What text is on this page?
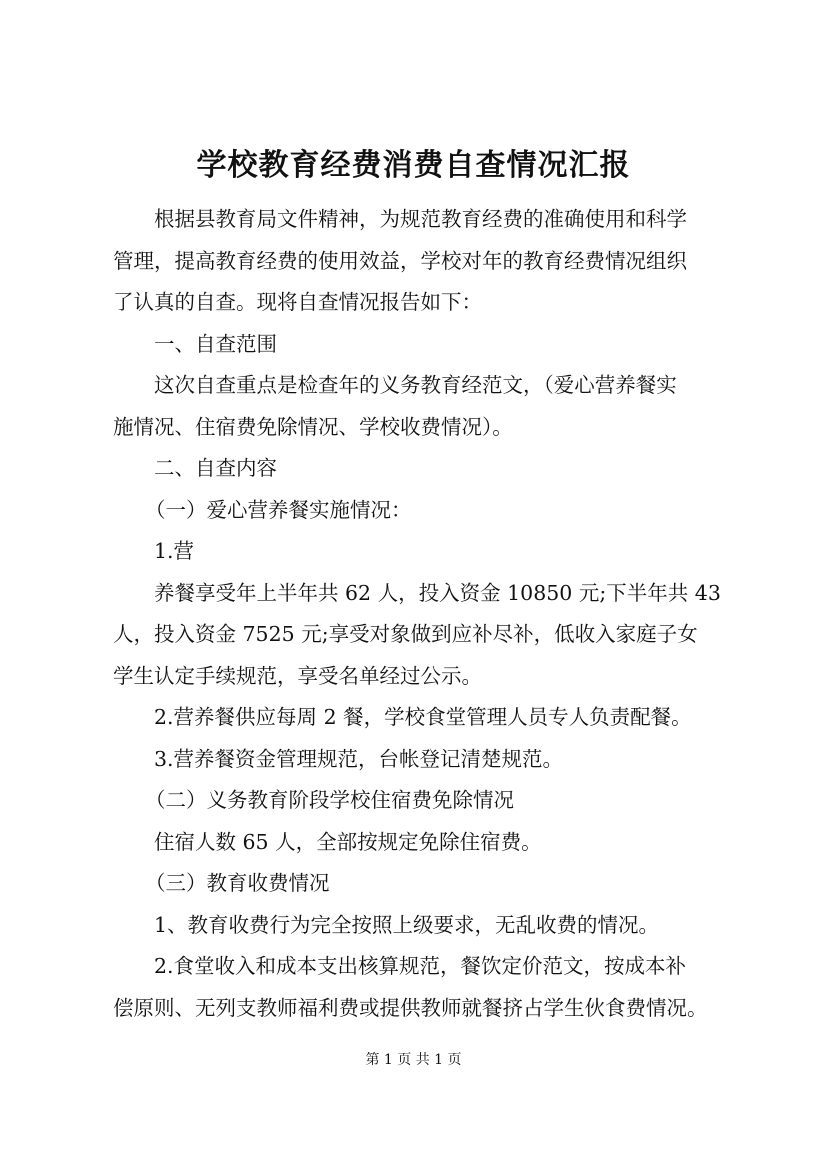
学校教育经费消费自查情况汇报
根据县教育局文件精神，为规范教育经费的准确使用和科学
管理，提高教育经费的使用效益，学校对年的教育经费情况组织
了认真的自查。现将自查情况报告如下：
一、自查范围
这次自查重点是检查年的义务教育经范文，（爱心营养餐实
施情况、住宿费免除情况、学校收费情况）。
二、自查内容
（一）爱心营养餐实施情况：
1.营
养餐享受年上半年共 62 人，投入资金 10850 元;下半年共 43
人，投入资金 7525 元;享受对象做到应补尽补，低收入家庭子女
学生认定手续规范，享受名单经过公示。
2.营养餐供应每周 2 餐，学校食堂管理人员专人负责配餐。
3.营养餐资金管理规范，台帐登记清楚规范。
（二）义务教育阶段学校住宿费免除情况
住宿人数 65 人，全部按规定免除住宿费。
（三）教育收费情况
1、教育收费行为完全按照上级要求，无乱收费的情况。
2.食堂收入和成本支出核算规范，餐饮定价范文，按成本补
偿原则、无列支教师福利费或提供教师就餐挤占学生伙食费情况。
第 1 页 共 1 页
